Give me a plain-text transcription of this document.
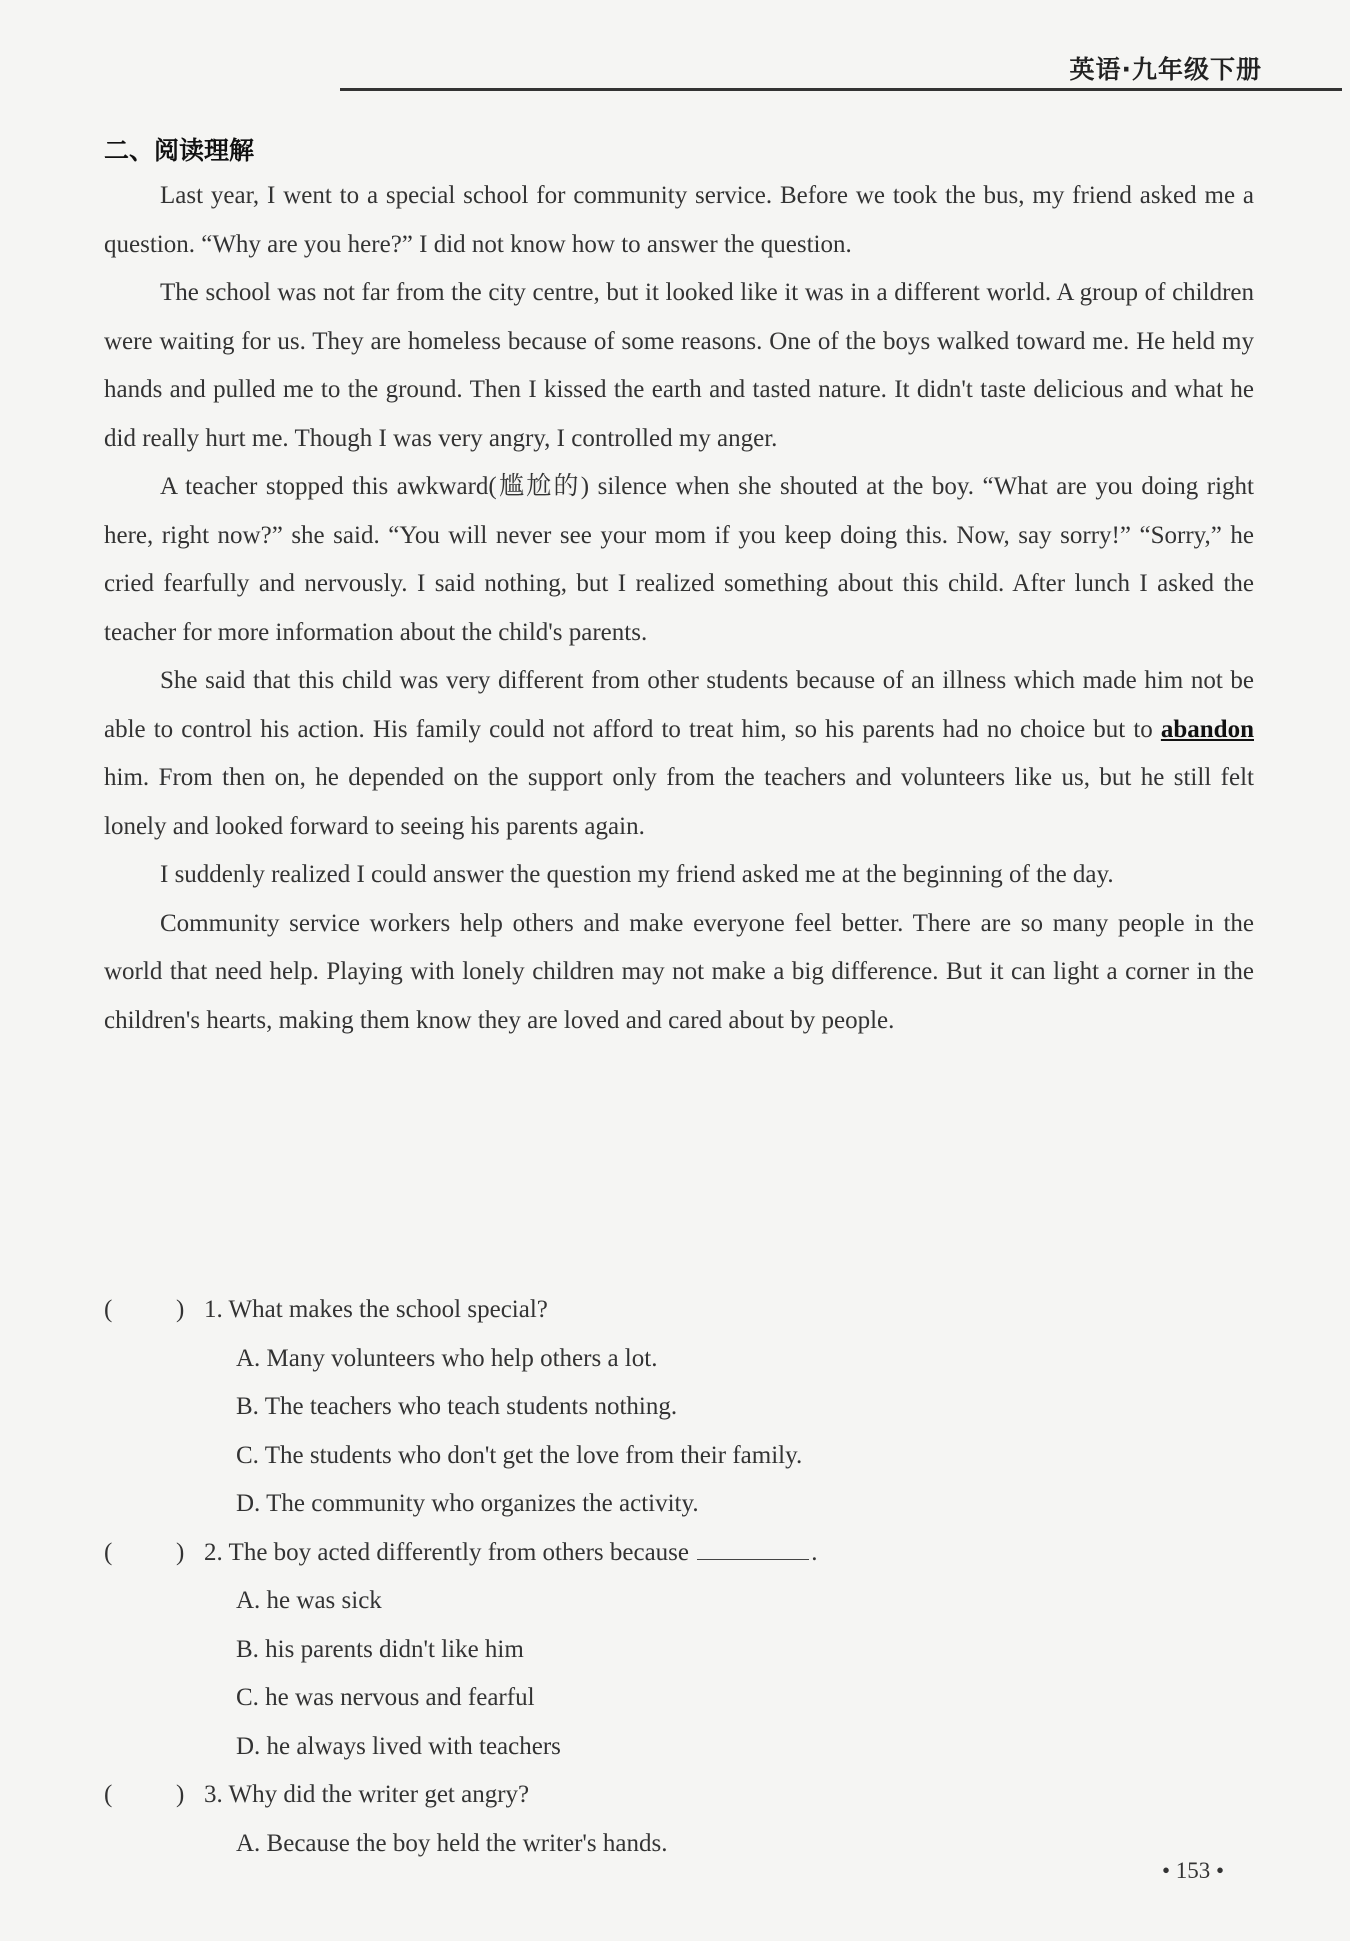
英语·九年级下册
二、阅读理解

Last year, I went to a special school for community service. Before we took the bus, my friend asked me a question. “Why are you here?” I did not know how to answer the question.

The school was not far from the city centre, but it looked like it was in a different world. A group of children were waiting for us. They are homeless because of some reasons. One of the boys walked toward me. He held my hands and pulled me to the ground. Then I kissed the earth and tasted nature. It didn't taste delicious and what he did really hurt me. Though I was very angry, I controlled my anger.

A teacher stopped this awkward(尴尬的) silence when she shouted at the boy. “What are you doing right here, right now?” she said. “You will never see your mom if you keep doing this. Now, say sorry!” “Sorry,” he cried fearfully and nervously. I said nothing, but I realized something about this child. After lunch I asked the teacher for more information about the child's parents.

She said that this child was very different from other students because of an illness which made him not be able to control his action. His family could not afford to treat him, so his parents had no choice but to abandon him. From then on, he depended on the support only from the teachers and volunteers like us, but he still felt lonely and looked forward to seeing his parents again.

I suddenly realized I could answer the question my friend asked me at the beginning of the day.

Community service workers help others and make everyone feel better. There are so many people in the world that need help. Playing with lonely children may not make a big difference. But it can light a corner in the children's hearts, making them know they are loved and cared about by people.

(	) 1. What makes the school special?
A. Many volunteers who help others a lot.
B. The teachers who teach students nothing.
C. The students who don't get the love from their family.
D. The community who organizes the activity.
(	) 2. The boy acted differently from others because	.
A. he was sick
B. his parents didn't like him
C. he was nervous and fearful
D. he always lived with teachers
(	) 3. Why did the writer get angry?
A. Because the boy held the writer's hands.
• 153 •
